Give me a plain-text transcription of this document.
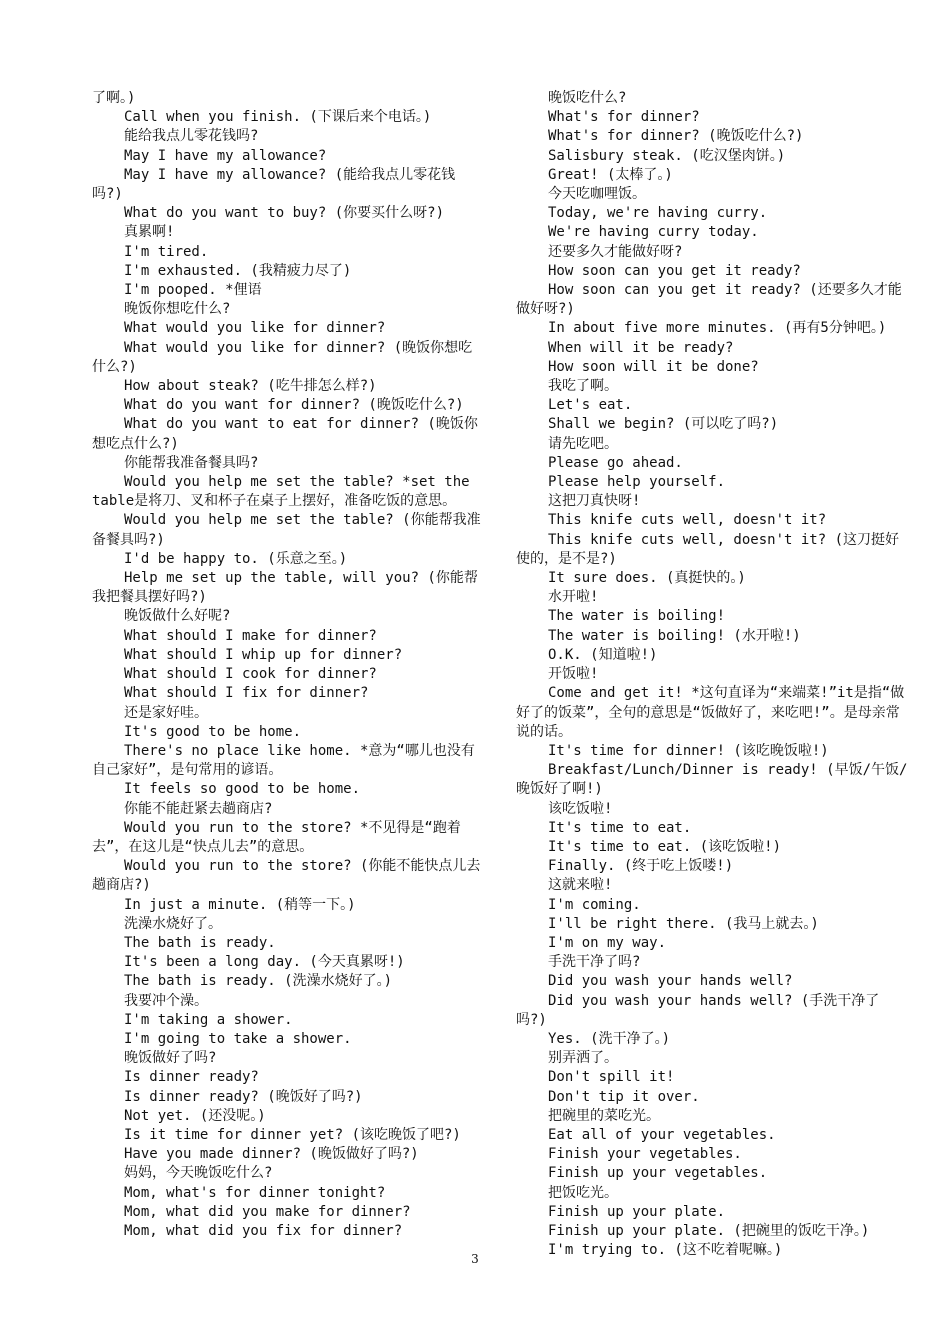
了啊。)

Call when you finish. (下课后来个电话。)

能给我点儿零花钱吗?

May I have my allowance?

May I have my allowance? (能给我点儿零花钱吗?)

What do you want to buy? (你要买什么呀?)

真累啊!

I'm tired.

I'm exhausted. (我精疲力尽了)

I'm pooped. *俚语

晚饭你想吃什么?

What would you like for dinner?

What would you like for dinner? (晚饭你想吃什么?)

How about steak? (吃牛排怎么样?)

What do you want for dinner? (晚饭吃什么?)

What do you want to eat for dinner? (晚饭你想吃点什么?)

你能帮我准备餐具吗?

Would you help me set the table? *set the table是将刀、叉和杯子在桌子上摆好，准备吃饭的意思。

Would you help me set the table? (你能帮我准备餐具吗?)

I'd be happy to. (乐意之至。)

Help me set up the table, will you? (你能帮我把餐具摆好吗?)

晚饭做什么好呢?

What should I make for dinner?

What should I whip up for dinner?

What should I cook for dinner?

What should I fix for dinner?

还是家好哇。

It's good to be home.

There's no place like home. *意为“哪儿也没有自己家好”，是句常用的谚语。

It feels so good to be home.

你能不能赶紧去趟商店?

Would you run to the store? *不见得是“跑着去”，在这儿是“快点儿去”的意思。

Would you run to the store? (你能不能快点儿去趟商店?)

In just a minute. (稍等一下。)

洗澡水烧好了。

The bath is ready.

It's been a long day. (今天真累呀!)

The bath is ready. (洗澡水烧好了。)

我要冲个澡。

I'm taking a shower.

I'm going to take a shower.

晚饭做好了吗?

Is dinner ready?

Is dinner ready? (晚饭好了吗?)

Not yet. (还没呢。)

Is it time for dinner yet? (该吃晚饭了吧?)

Have you made dinner? (晚饭做好了吗?)

妈妈，今天晚饭吃什么?

Mom, what's for dinner tonight?

Mom, what did you make for dinner?

Mom, what did you fix for dinner?

晚饭吃什么?

What's for dinner?

What's for dinner? (晚饭吃什么?)

Salisbury steak. (吃汉堡肉饼。)

Great! (太棒了。)

今天吃咖哩饭。

Today, we're having curry.

We're having curry today.

还要多久才能做好呀?

How soon can you get it ready?

How soon can you get it ready? (还要多久才能做好呀?)

In about five more minutes. (再有5分钟吧。)

When will it be ready?

How soon will it be done?

我吃了啊。

Let's eat.

Shall we begin? (可以吃了吗?)

请先吃吧。

Please go ahead.

Please help yourself.

这把刀真快呀!

This knife cuts well, doesn't it?

This knife cuts well, doesn't it? (这刀挺好使的，是不是?)

It sure does. (真挺快的。)

水开啦!

The water is boiling!

The water is boiling! (水开啦!)

O.K. (知道啦!)

开饭啦!

Come and get it! *这句直译为“来端菜!”it是指“做好了的饭菜”，全句的意思是“饭做好了，来吃吧!”。是母亲常说的话。

It's time for dinner! (该吃晚饭啦!)

Breakfast/Lunch/Dinner is ready! (早饭/午饭/晚饭好了啊!)

该吃饭啦!

It's time to eat.

It's time to eat. (该吃饭啦!)

Finally. (终于吃上饭喽!)

这就来啦!

I'm coming.

I'll be right there. (我马上就去。)

I'm on my way.

手洗干净了吗?

Did you wash your hands well?

Did you wash your hands well? (手洗干净了吗?)

Yes. (洗干净了。)

别弄洒了。

Don't spill it!

Don't tip it over.

把碗里的菜吃光。

Eat all of your vegetables.

Finish your vegetables.

Finish up your vegetables.

把饭吃光。

Finish up your plate.

Finish up your plate. (把碗里的饭吃干净。)

I'm trying to. (这不吃着呢嘛。)

3
